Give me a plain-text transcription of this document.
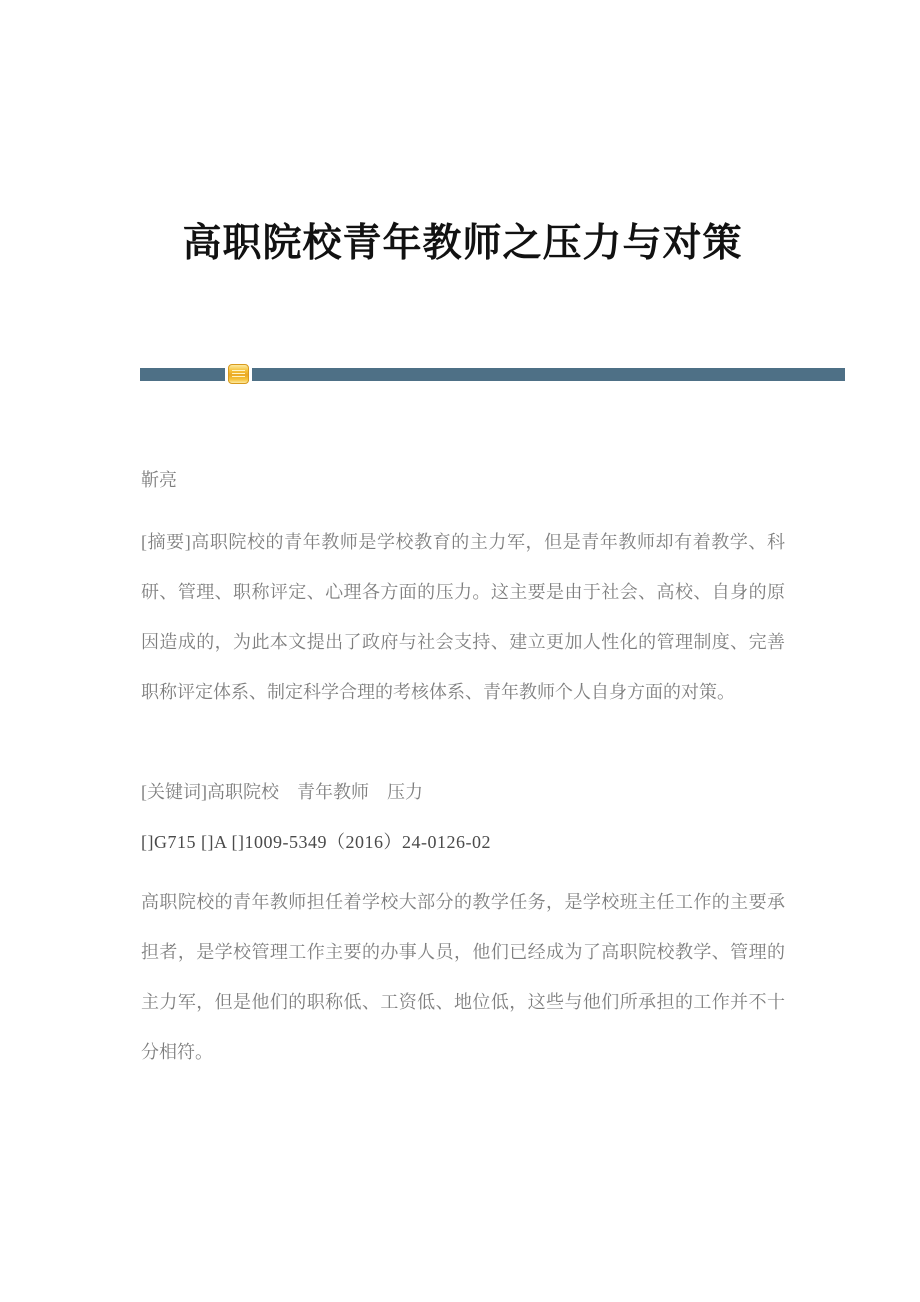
高职院校青年教师之压力与对策

靳亮

[摘要]高职院校的青年教师是学校教育的主力军，但是青年教师却有着教学、科研、管理、职称评定、心理各方面的压力。这主要是由于社会、高校、自身的原因造成的，为此本文提出了政府与社会支持、建立更加人性化的管理制度、完善职称评定体系、制定科学合理的考核体系、青年教师个人自身方面的对策。

[关键词]高职院校　青年教师　压力

[]G715 []A []1009-5349（2016）24-0126-02

高职院校的青年教师担任着学校大部分的教学任务，是学校班主任工作的主要承担者，是学校管理工作主要的办事人员，他们已经成为了高职院校教学、管理的主力军，但是他们的职称低、工资低、地位低，这些与他们所承担的工作并不十分相符。
